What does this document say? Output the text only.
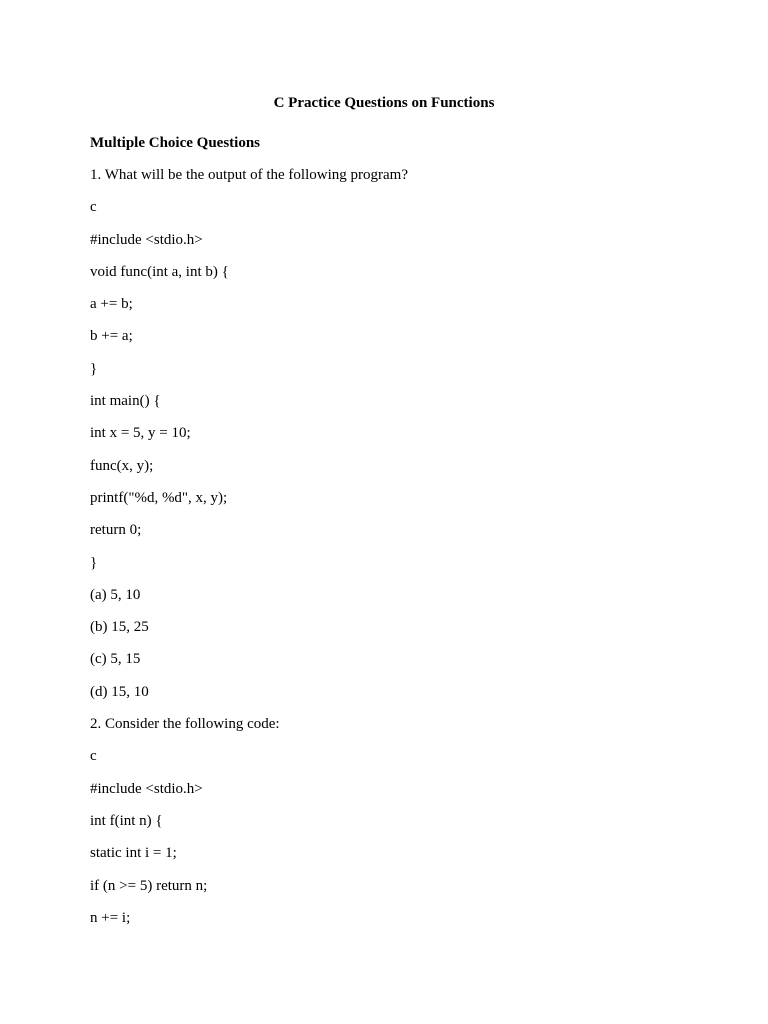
C Practice Questions on Functions
Multiple Choice Questions
1. What will be the output of the following program?
c
#include <stdio.h>
void func(int a, int b) {
a += b;
b += a;
}
int main() {
int x = 5, y = 10;
func(x, y);
printf("%d, %d", x, y);
return 0;
}
(a) 5, 10
(b) 15, 25
(c) 5, 15
(d) 15, 10
2. Consider the following code:
c
#include <stdio.h>
int f(int n) {
static int i = 1;
if (n >= 5) return n;
n += i;
